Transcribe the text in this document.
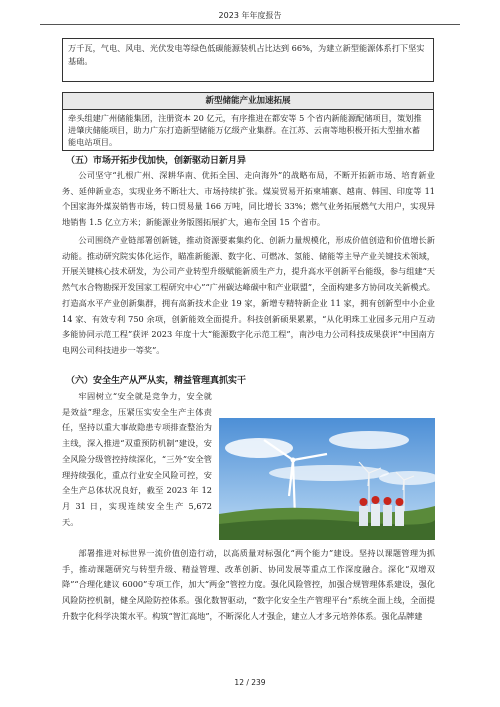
2023 年年度报告
万千瓦，气电、风电、光伏发电等绿色低碳能源装机占比达到 66%，为建立新型能源体系打下坚实基础。
新型储能产业加速拓展
牵头组建广州储能集团，注册资本 20 亿元，有序推进在都安等 5 个省内新能源配储项目，策划推进肇庆储能项目，助力广东打造新型储能万亿级产业集群。在江苏、云南等地积极开拓大型抽水蓄能电站项目。
（五）市场开拓步伐加快，创新驱动日新月异
公司坚守“扎根广州、深耕华南、优拓全国、走向海外”的战略布局，不断开拓新市场、培育新业务、延伸新业态，实现业务不断壮大、市场持续扩张。煤炭贸易开拓柬埔寨、越南、韩国、印度等 11 个国家海外煤炭销售市场，转口贸易量 166 万吨，同比增长 33%；燃气业务拓展燃气大用户，实现异地销售 1.5 亿立方米；新能源业务版图拓展扩大，遍布全国 15 个省市。
公司围绕产业链部署创新链，推动资源要素集约化、创新力量规模化，形成价值创造和价值增长新动能。推动研究院实体化运作，瞄准新能源、数字化、可燃冰、氢能、储能等主导产业关键技术领域，开展关键核心技术研发，为公司产业转型升级赋能新质生产力，提升高水平创新平台能级，参与组建“天然气水合物勘探开发国家工程研究中心”“广州碳达峰碳中和产业联盟”，全面构建多方协同攻关新模式。打造高水平产业创新集群，拥有高新技术企业 19 家，新增专精特新企业 11 家，拥有创新型中小企业 14 家、有效专利 750 余项，创新能效全面提升。科技创新硕果累累，“从化明珠工业园多元用户互动多能协同示范工程”获评 2023 年度十大“能源数字化示范工程”，南沙电力公司科技成果获评“中国南方电网公司科技进步一等奖”。
（六）安全生产从严从实，精益管理真抓实干
牢固树立“安全就是竞争力，安全就是效益”理念，压紧压实安全生产主体责任，坚持以重大事故隐患专项排查整治为主线，深入推进“双重预防机制”建设，安全风险分级管控持续深化，“三外”安全管理持续强化，重点行业安全风险可控，安全生产总体状况良好，截至 2023 年 12 月 31 日，实现连续安全生产 5,672 天。
部署推进对标世界一流价值创造行动，以高质量对标强化“两个能力”建设。坚持以课题管理为抓手，推动课题研究与转型升级、精益管理、改革创新、协同发展等重点工作深度融合。深化“双增双降”“合理化建议 6000”专项工作，加大“两金”管控力度。强化风险管控，加强合规管理体系建设，强化风险防控机制，健全风险防控体系。强化数智驱动，“数字化安全生产管理平台”系统全面上线，全面提升数字化科学决策水平。构筑“智汇高地”，不断深化人才强企，建立人才多元培养体系。强化品牌建
12 / 239
